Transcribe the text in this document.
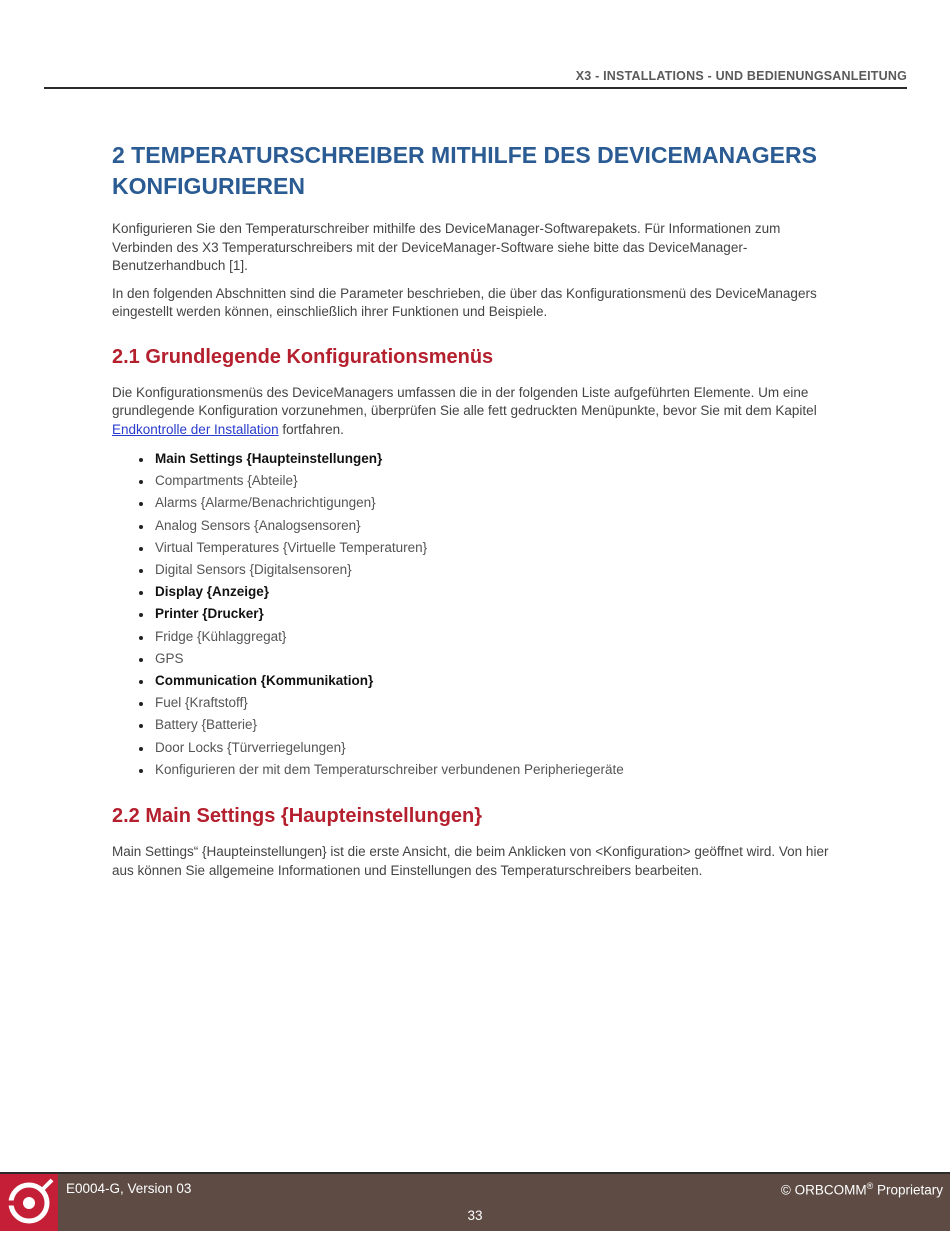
X3 - INSTALLATIONS - UND BEDIENUNGSANLEITUNG
2 TEMPERATURSCHREIBER MITHILFE DES DEVICEMANAGERS KONFIGURIEREN

Konfigurieren Sie den Temperaturschreiber mithilfe des DeviceManager-Softwarepakets. Für Informationen zum Verbinden des X3 Temperaturschreibers mit der DeviceManager-Software siehe bitte das DeviceManager-Benutzerhandbuch [1].

In den folgenden Abschnitten sind die Parameter beschrieben, die über das Konfigurationsmenü des DeviceManagers eingestellt werden können, einschließlich ihrer Funktionen und Beispiele.

2.1 Grundlegende Konfigurationsmenüs

Die Konfigurationsmenüs des DeviceManagers umfassen die in der folgenden Liste aufgeführten Elemente. Um eine grundlegende Konfiguration vorzunehmen, überprüfen Sie alle fett gedruckten Menüpunkte, bevor Sie mit dem Kapitel Endkontrolle der Installation fortfahren.

Main Settings {Haupteinstellungen}
Compartments {Abteile}
Alarms {Alarme/Benachrichtigungen}
Analog Sensors {Analogsensoren}
Virtual Temperatures {Virtuelle Temperaturen}
Digital Sensors {Digitalsensoren}
Display {Anzeige}
Printer {Drucker}
Fridge {Kühlaggregat}
GPS
Communication {Kommunikation}
Fuel {Kraftstoff}
Battery {Batterie}
Door Locks {Türverriegelungen}
Konfigurieren der mit dem Temperaturschreiber verbundenen Peripheriegeräte
2.2 Main Settings {Haupteinstellungen}

Main Settings“ {Haupteinstellungen} ist die erste Ansicht, die beim Anklicken von <Konfiguration> geöffnet wird. Von hier aus können Sie allgemeine Informationen und Einstellungen des Temperaturschreibers bearbeiten.

E0004-G, Version 03	© ORBCOMM® Proprietary
33
